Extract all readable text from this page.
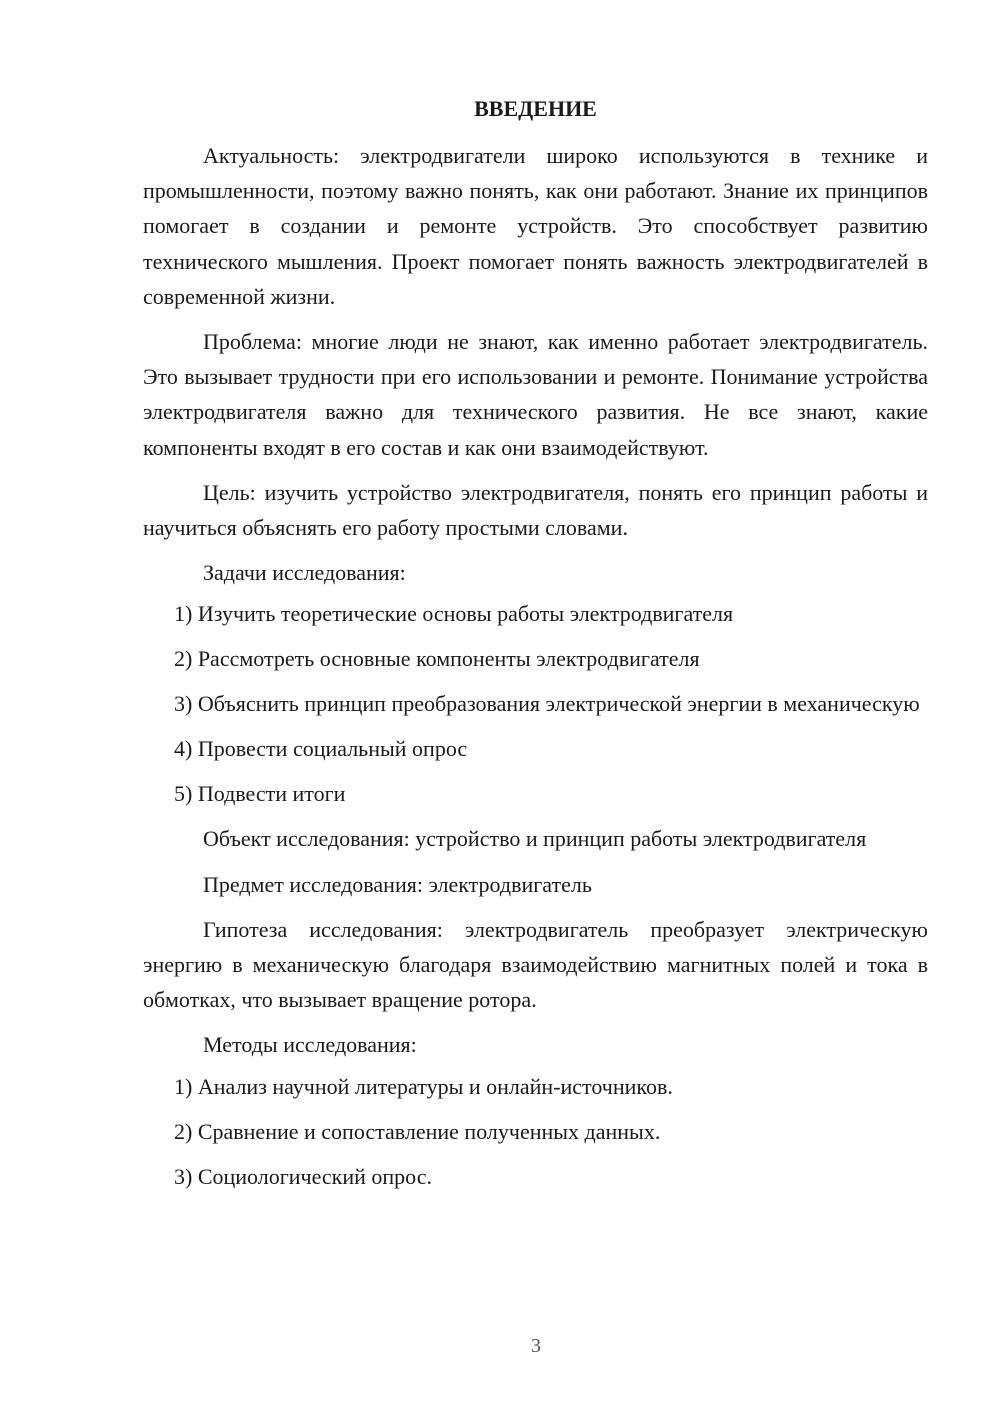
ВВЕДЕНИЕ

Актуальность: электродвигатели широко используются в технике и промышленности, поэтому важно понять, как они работают. Знание их принципов помогает в создании и ремонте устройств. Это способствует развитию технического мышления. Проект помогает понять важность электродвигателей в современной жизни.

Проблема: многие люди не знают, как именно работает электродвигатель. Это вызывает трудности при его использовании и ремонте. Понимание устройства электродвигателя важно для технического развития. Не все знают, какие компоненты входят в его состав и как они взаимодействуют.

Цель: изучить устройство электродвигателя, понять его принцип работы и научиться объяснять его работу простыми словами.

Задачи исследования:

1) Изучить теоретические основы работы электродвигателя

2) Рассмотреть основные компоненты электродвигателя

3) Объяснить принцип преобразования электрической энергии в механическую

4) Провести социальный опрос

5) Подвести итоги

Объект исследования: устройство и принцип работы электродвигателя

Предмет исследования: электродвигатель

Гипотеза исследования: электродвигатель преобразует электрическую энергию в механическую благодаря взаимодействию магнитных полей и тока в обмотках, что вызывает вращение ротора.

Методы исследования:

1) Анализ научной литературы и онлайн-источников.

2) Сравнение и сопоставление полученных данных.

3) Социологический опрос.

3
